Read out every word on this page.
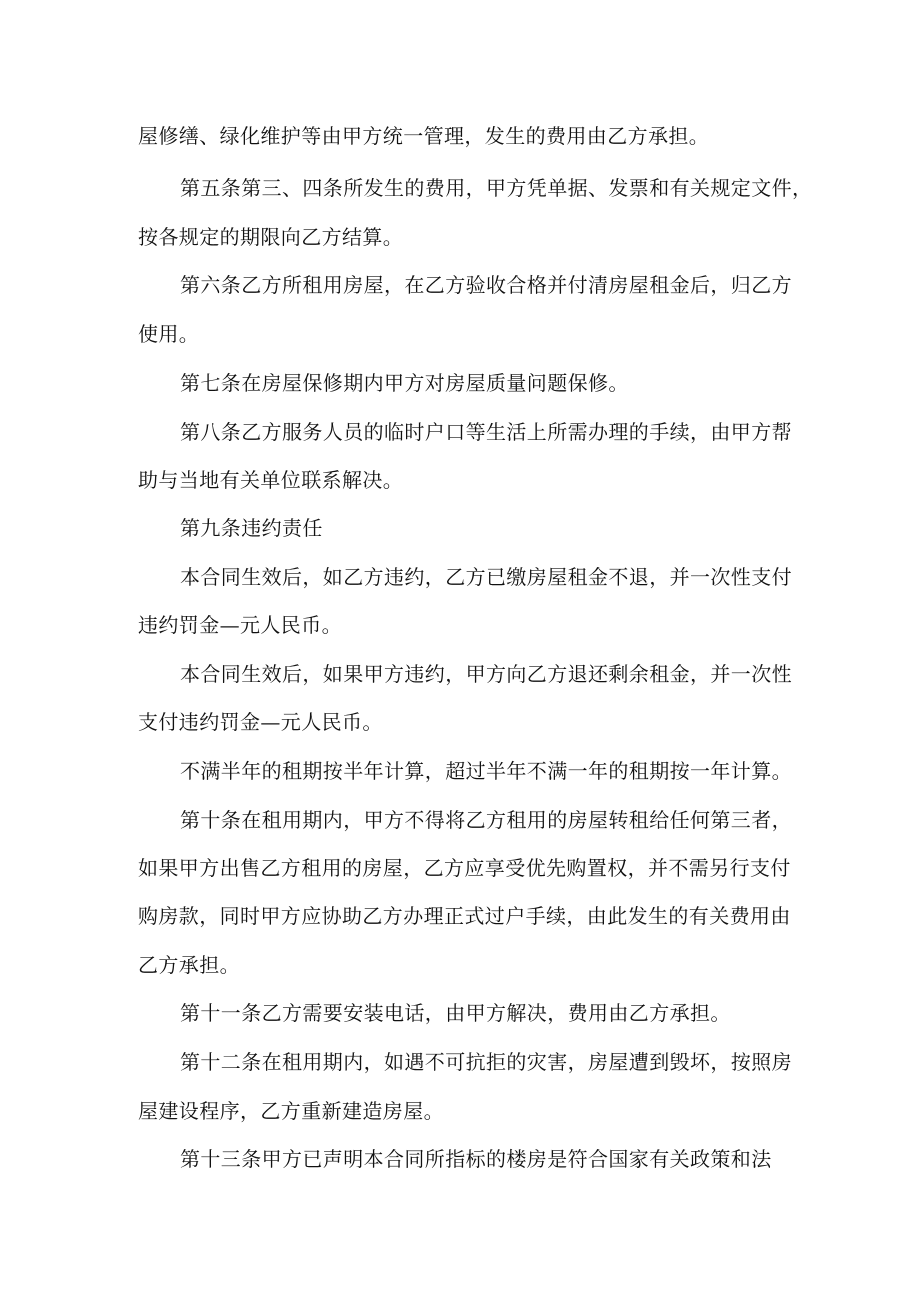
屋修缮、绿化维护等由甲方统一管理，发生的费用由乙方承担。
第五条第三、四条所发生的费用，甲方凭单据、发票和有关规定文件，
按各规定的期限向乙方结算。
第六条乙方所租用房屋，在乙方验收合格并付清房屋租金后，归乙方
使用。
第七条在房屋保修期内甲方对房屋质量问题保修。
第八条乙方服务人员的临时户口等生活上所需办理的手续，由甲方帮
助与当地有关单位联系解决。
第九条违约责任
本合同生效后，如乙方违约，乙方已缴房屋租金不退，并一次性支付
违约罚金—元人民币。
本合同生效后，如果甲方违约，甲方向乙方退还剩余租金，并一次性
支付违约罚金—元人民币。
不满半年的租期按半年计算，超过半年不满一年的租期按一年计算。
第十条在租用期内，甲方不得将乙方租用的房屋转租给任何第三者，
如果甲方出售乙方租用的房屋，乙方应享受优先购置权，并不需另行支付
购房款，同时甲方应协助乙方办理正式过户手续，由此发生的有关费用由
乙方承担。
第十一条乙方需要安装电话，由甲方解决，费用由乙方承担。
第十二条在租用期内，如遇不可抗拒的灾害，房屋遭到毁坏，按照房
屋建设程序，乙方重新建造房屋。
第十三条甲方已声明本合同所指标的楼房是符合国家有关政策和法
